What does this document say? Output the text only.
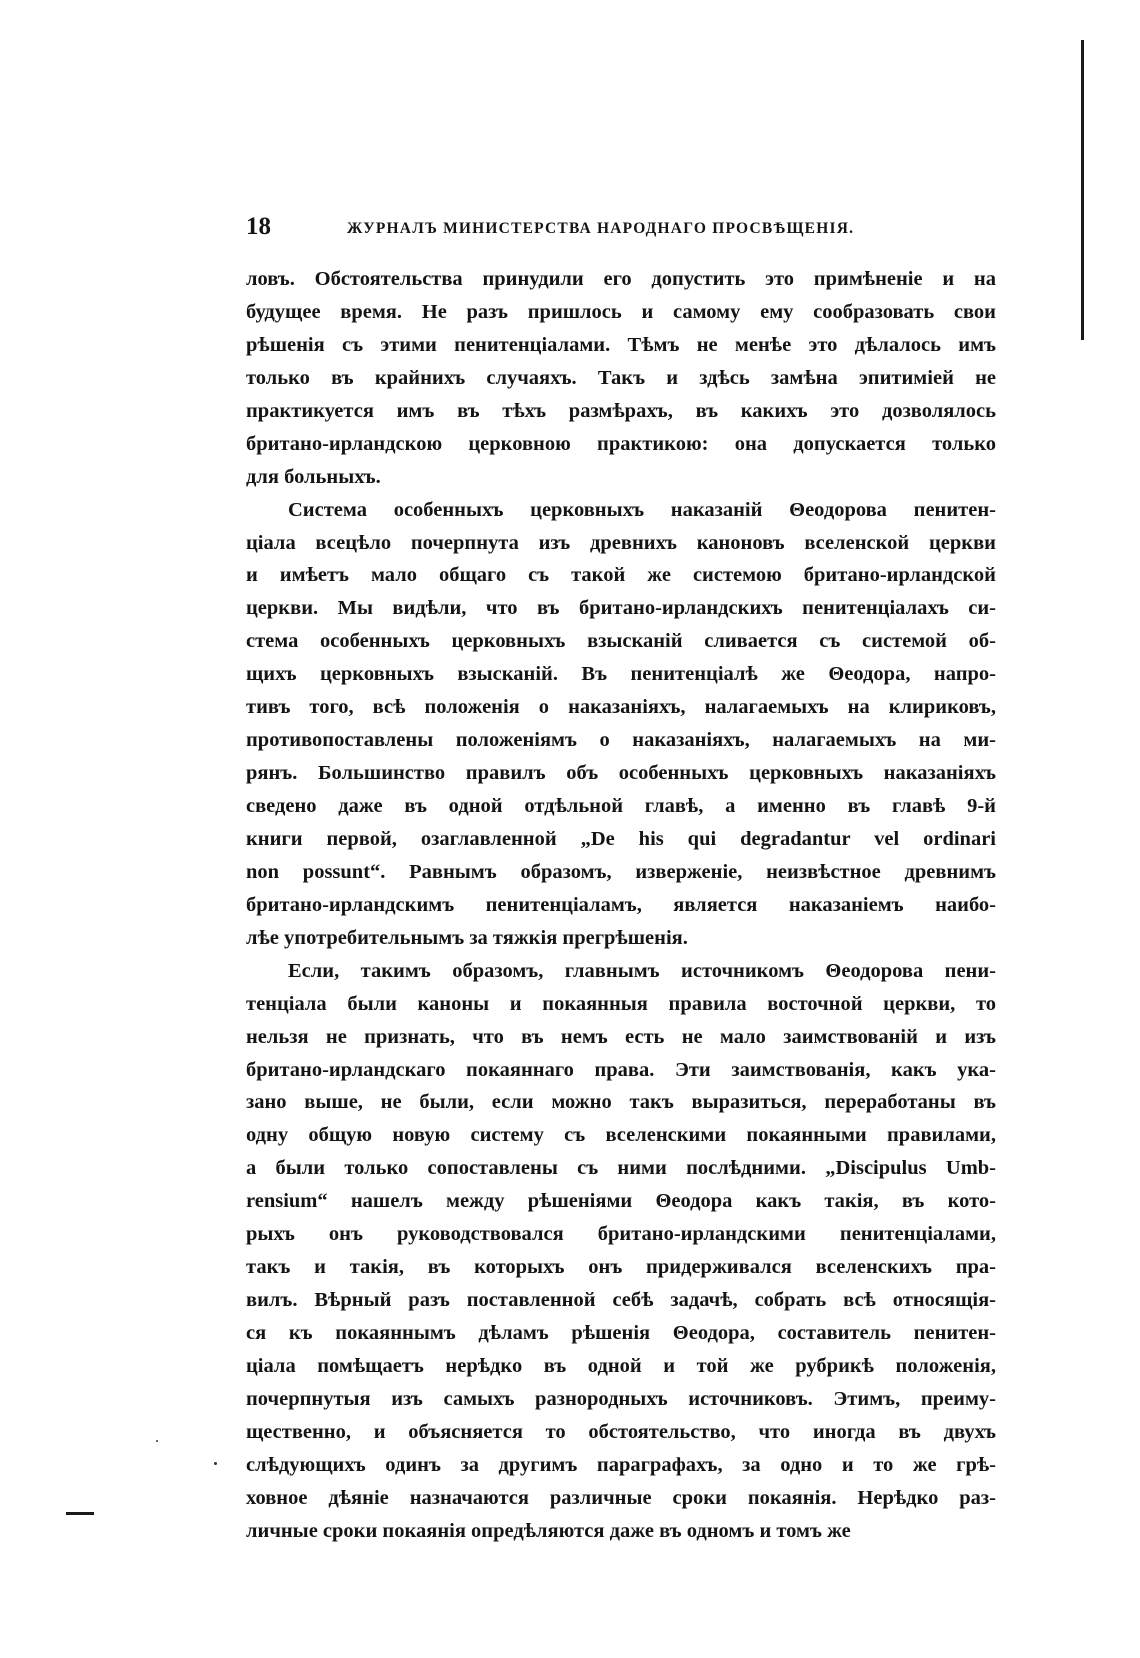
18	ЖУРНАЛЪ МИНИСТЕРСТВА НАРОДНАГО ПРОСВѢЩЕНІЯ.
ловъ. Обстоятельства принудили его допустить это примѣненіе и на
будущее время. Не разъ пришлось и самому ему сообразовать свои
рѣшенія съ этими пенитенціалами. Тѣмъ не менѣе это дѣлалось имъ
только въ крайнихъ случаяхъ. Такъ и здѣсь замѣна эпитиміей не
практикуется имъ въ тѣхъ размѣрахъ, въ какихъ это дозволялось
британо-ирландскою церковною практикою: она допускается только
для больныхъ.
Система особенныхъ церковныхъ наказаній Θеодорова пенитен-
ціала всецѣло почерпнута изъ древнихъ каноновъ вселенской церкви
и имѣетъ мало общаго съ такой же системою британо-ирландской
церкви. Мы видѣли, что въ британо-ирландскихъ пенитенціалахъ си-
стема особенныхъ церковныхъ взысканій сливается съ системой об-
щихъ церковныхъ взысканій. Въ пенитенціалѣ же Θеодора, напро-
тивъ того, всѣ положенія о наказаніяхъ, налагаемыхъ на клириковъ,
противопоставлены положеніямъ о наказаніяхъ, налагаемыхъ на ми-
рянъ. Большинство правилъ объ особенныхъ церковныхъ наказаніяхъ
сведено даже въ одной отдѣльной главѣ, а именно въ главѣ 9-й
книги первой, озаглавленной „De his qui degradantur vel ordinari
non possunt“. Равнымъ образомъ, изверженіе, неизвѣстное древнимъ
британо-ирландскимъ пенитенціаламъ, является наказаніемъ наибо-
лѣе употребительнымъ за тяжкія прегрѣшенія.
Если, такимъ образомъ, главнымъ источникомъ Θеодорова пени-
тенціала были каноны и покаянныя правила восточной церкви, то
нельзя не признать, что въ немъ есть не мало заимствованій и изъ
британо-ирландскаго покаяннаго права. Эти заимствованія, какъ ука-
зано выше, не были, если можно такъ выразиться, переработаны въ
одну общую новую систему съ вселенскими покаянными правилами,
а были только сопоставлены съ ними послѣдними. „Discipulus Umb-
rensium“ нашелъ между рѣшеніями Θеодора какъ такія, въ кото-
рыхъ онъ руководствовался британо-ирландскими пенитенціалами,
такъ и такія, въ которыхъ онъ придерживался вселенскихъ пра-
вилъ. Вѣрный разъ поставленной себѣ задачѣ, собрать всѣ относящія-
ся къ покаяннымъ дѣламъ рѣшенія Θеодора, составитель пенитен-
ціала помѣщаетъ нерѣдко въ одной и той же рубрикѣ положенія,
почерпнутыя изъ самыхъ разнородныхъ источниковъ. Этимъ, преиму-
щественно, и объясняется то обстоятельство, что иногда въ двухъ
слѣдующихъ одинъ за другимъ параграфахъ, за одно и то же грѣ-
ховное дѣяніе назначаются различные сроки покаянія. Нерѣдко раз-
личные сроки покаянія опредѣляются даже въ одномъ и томъ же
